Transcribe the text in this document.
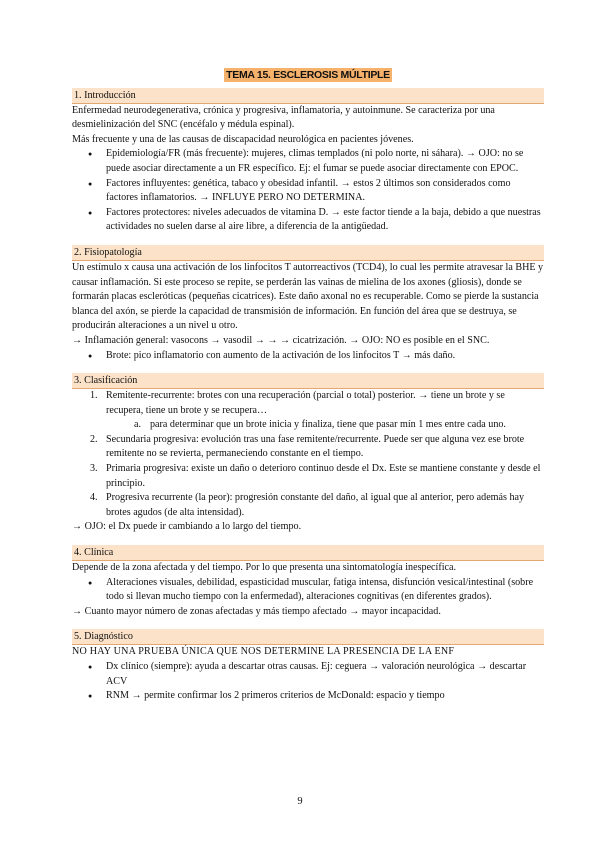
TEMA 15. ESCLEROSIS MÚLTIPLE
1. Introducción

Enfermedad neurodegenerativa, crónica y progresiva, inflamatoria, y autoinmune. Se caracteriza por una desmielinización del SNC (encéfalo y médula espinal).

Más frecuente y una de las causas de discapacidad neurológica en pacientes jóvenes.

● Epidemiología/FR (más frecuente): mujeres, climas templados (ni polo norte, ni sáhara). → OJO: no se puede asociar directamente a un FR específico. Ej: el fumar se puede asociar directamente con EPOC.
● Factores influyentes: genética, tabaco y obesidad infantil. → estos 2 últimos son considerados como factores inflamatorios. → INFLUYE PERO NO DETERMINA.
● Factores protectores: niveles adecuados de vitamina D. → este factor tiende a la baja, debido a que nuestras actividades no suelen darse al aire libre, a diferencia de la antigüedad.
2. Fisiopatología

Un estímulo x causa una activación de los linfocitos T autorreactivos (TCD4), lo cual les permite atravesar la BHE y causar inflamación. Si este proceso se repite, se perderán las vainas de mielina de los axones (gliosis), donde se formarán placas escleróticas (pequeñas cicatrices). Este daño axonal no es recuperable. Como se pierde la sustancia blanca del axón, se pierde la capacidad de transmisión de información. En función del área que se destruya, se producirán alteraciones a un nivel u otro.

→ Inflamación general: vasocons → vasodil → → → cicatrización. → OJO: NO es posible en el SNC.

● Brote: pico inflamatorio con aumento de la activación de los linfocitos T → más daño.
3. Clasificación
1. Remitente-recurrente: brotes con una recuperación (parcial o total) posterior. → tiene un brote y se recupera, tiene un brote y se recupera…
a. para determinar que un brote inicia y finaliza, tiene que pasar mín 1 mes entre cada uno.
2. Secundaria progresiva: evolución tras una fase remitente/recurrente. Puede ser que alguna vez ese brote remitente no se revierta, permaneciendo constante en el tiempo.
3. Primaria progresiva: existe un daño o deterioro continuo desde el Dx. Este se mantiene constante y desde el principio.
4. Progresiva recurrente (la peor): progresión constante del daño, al igual que al anterior, pero además hay brotes agudos (de alta intensidad).

→ OJO: el Dx puede ir cambiando a lo largo del tiempo.

4. Clínica

Depende de la zona afectada y del tiempo. Por lo que presenta una sintomatología inespecífica.

● Alteraciones visuales, debilidad, espasticidad muscular, fatiga intensa, disfunción vesical/intestinal (sobre todo si llevan mucho tiempo con la enfermedad), alteraciones cognitivas (en diferentes grados).

→ Cuanto mayor número de zonas afectadas y más tiempo afectado → mayor incapacidad.

5. Diagnóstico

NO HAY UNA PRUEBA ÚNICA QUE NOS DETERMINE LA PRESENCIA DE LA ENF

● Dx clínico (siempre): ayuda a descartar otras causas. Ej: ceguera → valoración neurológica → descartar ACV
● RNM → permite confirmar los 2 primeros criterios de McDonald: espacio y tiempo
9
